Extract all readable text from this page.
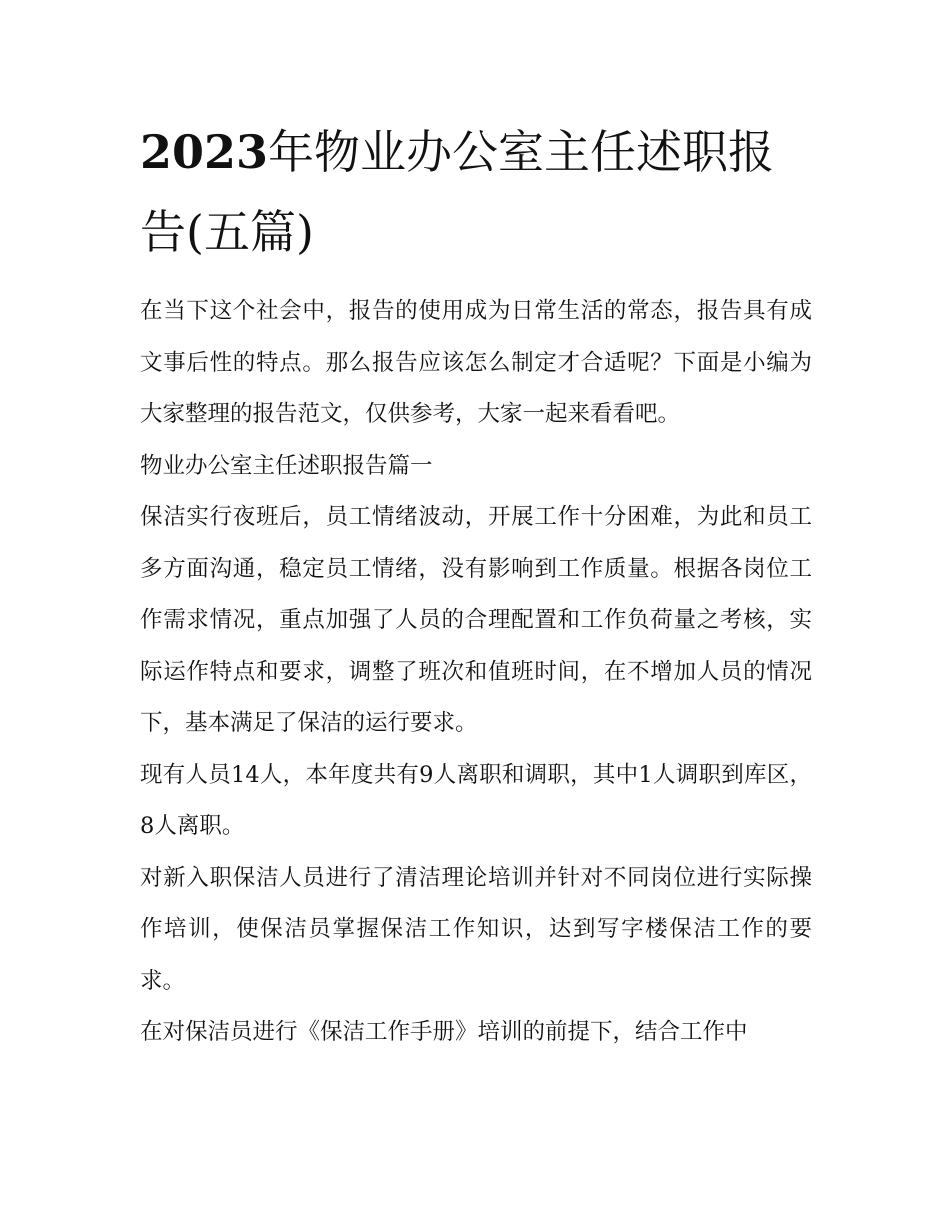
2023年物业办公室主任述职报告(五篇)

在当下这个社会中，报告的使用成为日常生活的常态，报告具有成文事后性的特点。那么报告应该怎么制定才合适呢？下面是小编为大家整理的报告范文，仅供参考，大家一起来看看吧。

物业办公室主任述职报告篇一

保洁实行夜班后，员工情绪波动，开展工作十分困难，为此和员工多方面沟通，稳定员工情绪，没有影响到工作质量。根据各岗位工作需求情况，重点加强了人员的合理配置和工作负荷量之考核，实际运作特点和要求，调整了班次和值班时间，在不增加人员的情况下，基本满足了保洁的运行要求。

现有人员14人，本年度共有9人离职和调职，其中1人调职到库区，8人离职。

对新入职保洁人员进行了清洁理论培训并针对不同岗位进行实际操作培训，使保洁员掌握保洁工作知识，达到写字楼保洁工作的要求。

在对保洁员进行《保洁工作手册》培训的前提下，结合工作中
